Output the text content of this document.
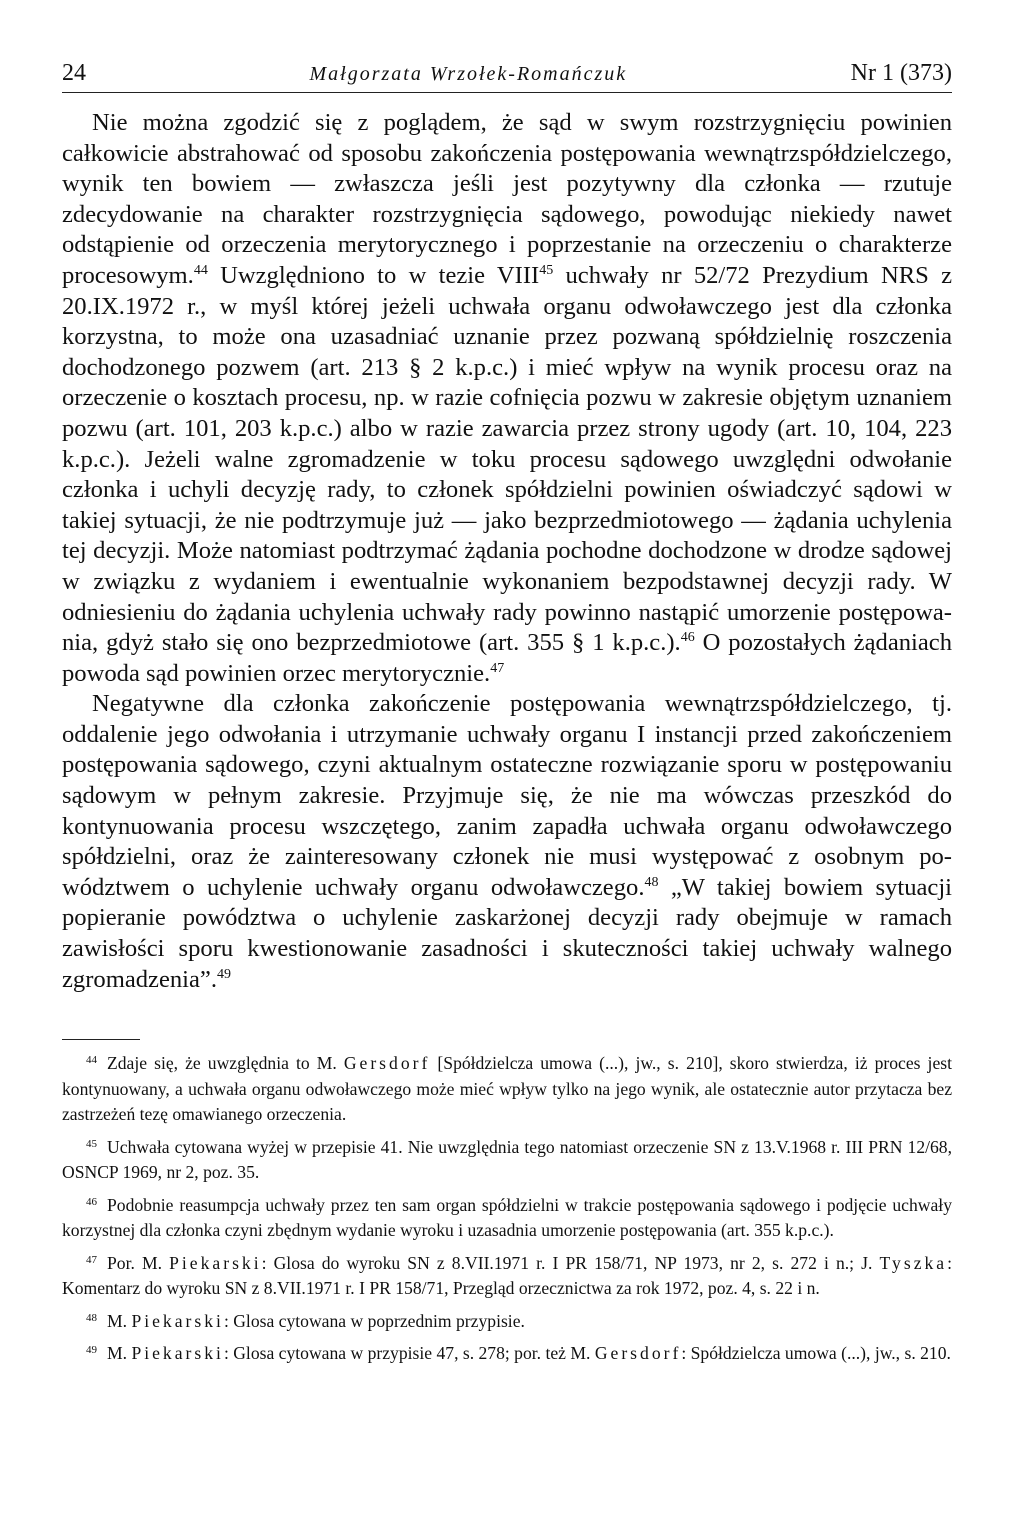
24	Małgorzata Wrzołek-Romańczuk	Nr 1 (373)

Nie można zgodzić się z poglądem, że sąd w swym rozstrzygnięciu powinien całkowicie abstrahować od sposobu zakończenia postępowania wewnątrzspółdzielczego, wynik ten bowiem — zwłaszcza jeśli jest pozytywny dla członka — rzutuje zdecydowanie na charakter rozstrzygnięcia sądowego, powodując niekiedy nawet odstąpienie od orzeczenia merytorycznego i poprzestanie na orzeczeniu o charakterze procesowym.$^{44}$ Uwzględniono to w tezie VIII$^{45}$ uchwały nr 52/72 Prezydium NRS z 20.IX.1972 r., w myśl której jeżeli uchwała organu odwoławczego jest dla członka korzystna, to może ona uzasadniać uznanie przez pozwaną spółdzielnię roszczenia dochodzonego pozwem (art. 213 § 2 k.p.c.) i mieć wpływ na wynik procesu oraz na orzeczenie o kosztach procesu, np. w razie cofnięcia pozwu w zakresie objętym uznaniem pozwu (art. 101, 203 k.p.c.) albo w razie zawarcia przez strony ugody (art. 10, 104, 223 k.p.c.). Jeżeli walne zgromadzenie w toku procesu sądowego uwzględni odwołanie członka i uchyli decyzję rady, to członek spółdzielni powinien oświadczyć sądowi w takiej sytuacji, że nie podtrzymuje już — jako bezprzedmiotowego — żądania uchylenia tej decyzji. Może natomiast podtrzymać żądania pochodne dochodzone w drodze sądowej w związku z wydaniem i ewentualnie wykonaniem bezpodstawnej decyzji rady. W odniesieniu do żądania uchylenia uchwały rady powinno nastąpić umorzenie postępowania, gdyż stało się ono bezprzedmiotowe (art. 355 § 1 k.p.c.).$^{46}$ O pozostałych żądaniach powoda sąd powinien orzec merytorycznie.$^{47}$

Negatywne dla członka zakończenie postępowania wewnątrzspółdzielczego, tj. oddalenie jego odwołania i utrzymanie uchwały organu I instancji przed zakończeniem postępowania sądowego, czyni aktualnym ostateczne rozwiązanie sporu w postępowaniu sądowym w pełnym zakresie. Przyjmuje się, że nie ma wówczas przeszkód do kontynuowania procesu wszczętego, zanim zapadła uchwała organu odwoławczego spółdzielni, oraz że zainteresowany członek nie musi występować z osobnym powództwem o uchylenie uchwały organu odwoławczego.$^{48}$ „W takiej bowiem sytuacji popieranie powództwa o uchylenie zaskarżonej decyzji rady obejmuje w ramach zawisłości sporu kwestionowanie zasadności i skuteczności takiej uchwały walnego zgromadzenia”.$^{49}$

$^{44}$ Zdaje się, że uwzględnia to M. Gersdorf [Spółdzielcza umowa (...), jw., s. 210], skoro stwierdza, iż proces jest kontynuowany, a uchwała organu odwoławczego może mieć wpływ tylko na jego wynik, ale ostatecznie autor przytacza bez zastrzeżeń tezę omawianego orzeczenia.

$^{45}$ Uchwała cytowana wyżej w przepisie 41. Nie uwzględnia tego natomiast orzeczenie SN z 13.V.1968 r. III PRN 12/68, OSNCP 1969, nr 2, poz. 35.

$^{46}$ Podobnie reasumpcja uchwały przez ten sam organ spółdzielni w trakcie postępowania sądowego i podjęcie uchwały korzystnej dla członka czyni zbędnym wydanie wyroku i uzasadnia umorzenie postępowania (art. 355 k.p.c.).

$^{47}$ Por. M. Piekarski: Glosa do wyroku SN z 8.VII.1971 r. I PR 158/71, NP 1973, nr 2, s. 272 i n.; J. Tyszka: Komentarz do wyroku SN z 8.VII.1971 r. I PR 158/71, Przegląd orzecznictwa za rok 1972, poz. 4, s. 22 i n.

$^{48}$ M. Piekarski: Glosa cytowana w poprzednim przypisie.

$^{49}$ M. Piekarski: Glosa cytowana w przypisie 47, s. 278; por. też M. Gersdorf: Spółdzielcza umowa (...), jw., s. 210.
